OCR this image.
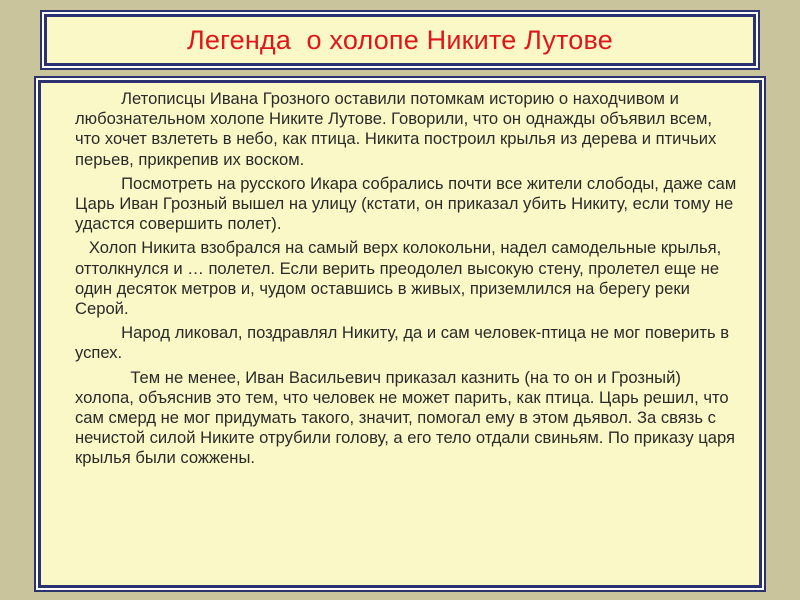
Легенда  о холопе Никите Лутове

Летописцы Ивана Грозного оставили потомкам историю о находчивом и любознательном холопе Никите Лутове. Говорили, что он однажды объявил всем, что хочет взлететь в небо, как птица. Никита построил крылья из дерева и птичьих перьев, прикрепив их воском.

Посмотреть на русского Икара собрались почти все жители слободы, даже сам Царь Иван Грозный вышел на улицу (кстати, он приказал убить Никиту, если тому не удастся совершить полет).

Холоп Никита взобрался на самый верх колокольни, надел самодельные крылья, оттолкнулся и … полетел. Если верить преодолел высокую стену, пролетел еще не один десяток метров и, чудом оставшись в живых, приземлился на берегу реки Серой.

Народ ликовал, поздравлял Никиту, да и сам человек-птица не мог поверить в успех.

Тем не менее, Иван Васильевич приказал казнить (на то он и Грозный) холопа, объяснив это тем, что человек не может парить, как птица. Царь решил, что сам смерд не мог придумать такого, значит, помогал ему в этом дьявол. За связь с нечистой силой Никите отрубили голову, а его тело отдали свиньям. По приказу царя крылья были сожжены.
